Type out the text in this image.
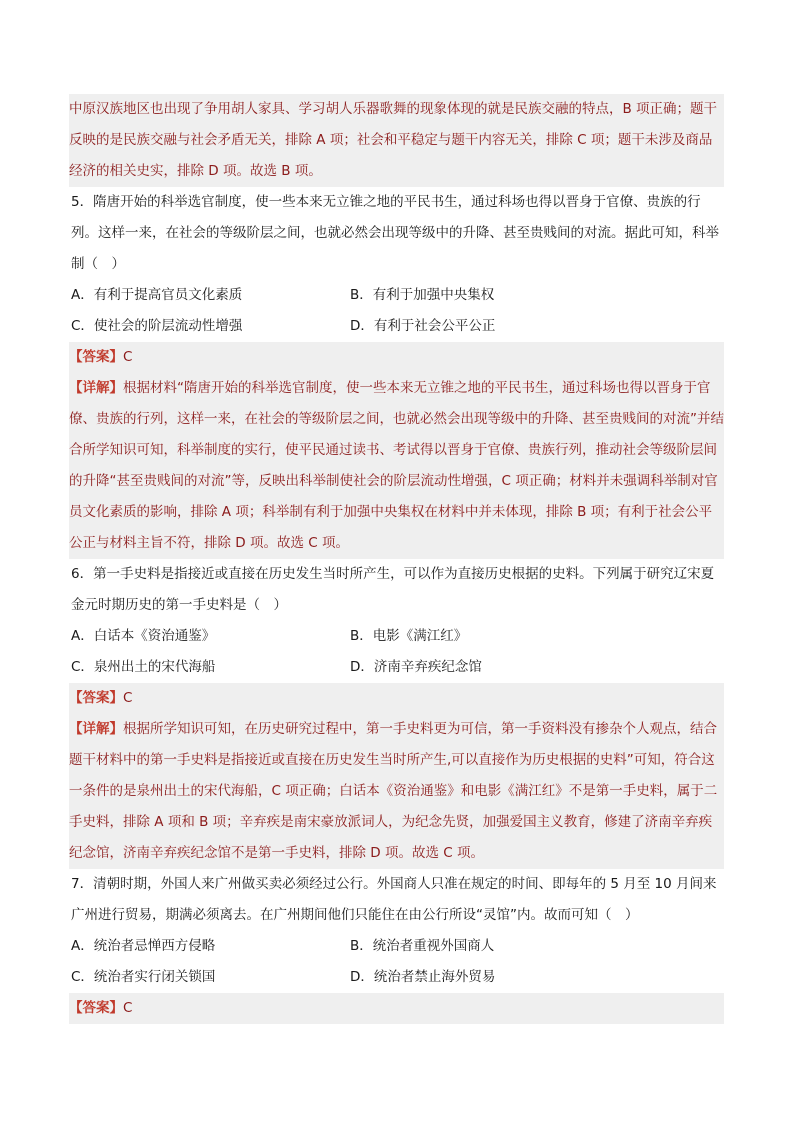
中原汉族地区也出现了争用胡人家具、学习胡人乐器歌舞的现象体现的就是民族交融的特点，B 项正确；题干反映的是民族交融与社会矛盾无关，排除 A 项；社会和平稳定与题干内容无关，排除 C 项；题干未涉及商品经济的相关史实，排除 D 项。故选 B 项。

5．隋唐开始的科举选官制度，使一些本来无立锥之地的平民书生，通过科场也得以晋身于官僚、贵族的行列。这样一来，在社会的等级阶层之间，也就必然会出现等级中的升降、甚至贵贱间的对流。据此可知，科举制（　）
A．有利于提高官员文化素质	B．有利于加强中央集权
C．使社会的阶层流动性增强	D．有利于社会公平公正

【答案】C

【详解】根据材料“隋唐开始的科举选官制度，使一些本来无立锥之地的平民书生，通过科场也得以晋身于官僚、贵族的行列，这样一来，在社会的等级阶层之间，也就必然会出现等级中的升降、甚至贵贱间的对流”并结合所学知识可知，科举制度的实行，使平民通过读书、考试得以晋身于官僚、贵族行列，推动社会等级阶层间的升降“甚至贵贱间的对流”等，反映出科举制使社会的阶层流动性增强，C 项正确；材料并未强调科举制对官员文化素质的影响，排除 A 项；科举制有利于加强中央集权在材料中并未体现，排除 B 项；有利于社会公平公正与材料主旨不符，排除 D 项。故选 C 项。

6．第一手史料是指接近或直接在历史发生当时所产生，可以作为直接历史根据的史料。下列属于研究辽宋夏金元时期历史的第一手史料是（　）
A．白话本《资治通鉴》	B．电影《满江红》
C．泉州出土的宋代海船	D．济南辛弃疾纪念馆

【答案】C

【详解】根据所学知识可知，在历史研究过程中，第一手史料更为可信，第一手资料没有掺杂个人观点，结合题干材料中的第一手史料是指接近或直接在历史发生当时所产生,可以直接作为历史根据的史料”可知，符合这一条件的是泉州出土的宋代海船，C 项正确；白话本《资治通鉴》和电影《满江红》不是第一手史料，属于二手史料，排除 A 项和 B 项；辛弃疾是南宋豪放派词人，为纪念先贤，加强爱国主义教育，修建了济南辛弃疾纪念馆，济南辛弃疾纪念馆不是第一手史料，排除 D 项。故选 C 项。

7．清朝时期，外国人来广州做买卖必须经过公行。外国商人只准在规定的时间、即每年的 5 月至 10 月间来广州进行贸易，期满必须离去。在广州期间他们只能住在由公行所设“灵馆”内。故而可知（　）
A．统治者忌惮西方侵略	B．统治者重视外国商人
C．统治者实行闭关锁国	D．统治者禁止海外贸易

【答案】C
